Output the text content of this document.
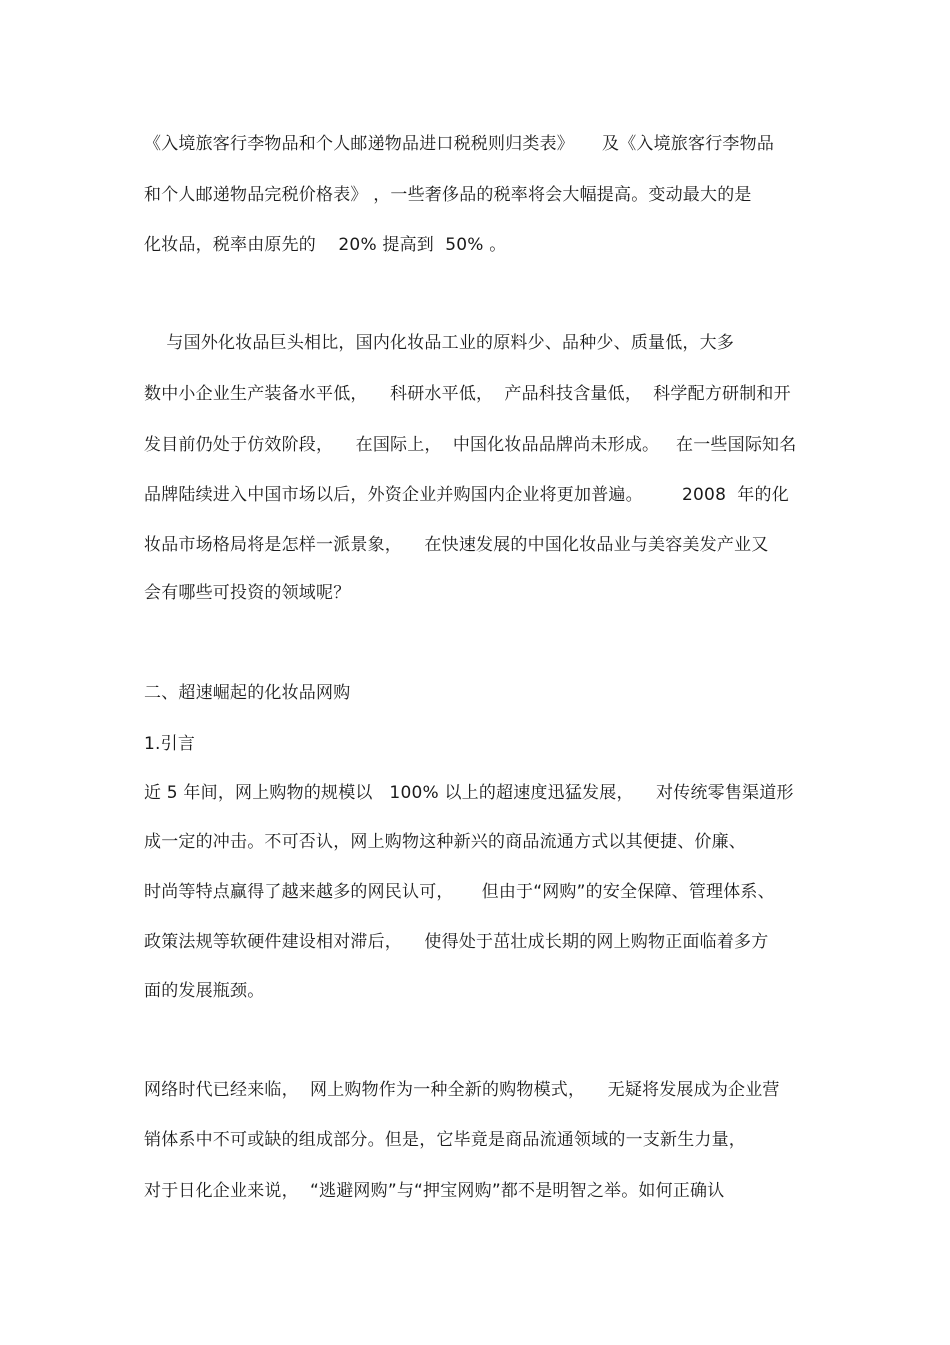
《入境旅客行李物品和个人邮递物品进口税税则归类表》     及《入境旅客行李物品
和个人邮递物品完税价格表》 ，一些奢侈品的税率将会大幅提高。变动最大的是
化妆品，税率由原先的    20% 提高到  50% 。
与国外化妆品巨头相比，国内化妆品工业的原料少、品种少、质量低，大多
数中小企业生产装备水平低，    科研水平低，  产品科技含量低，  科学配方研制和开
发目前仍处于仿效阶段，    在国际上，  中国化妆品品牌尚未形成。   在一些国际知名
品牌陆续进入中国市场以后，外资企业并购国内企业将更加普遍。       2008  年的化
妆品市场格局将是怎样一派景象，    在快速发展的中国化妆品业与美容美发产业又
会有哪些可投资的领域呢？
二、超速崛起的化妆品网购
1.引言
近 5 年间，网上购物的规模以   100% 以上的超速度迅猛发展，    对传统零售渠道形
成一定的冲击。不可否认，网上购物这种新兴的商品流通方式以其便捷、价廉、
时尚等特点赢得了越来越多的网民认可，     但由于“网购”的安全保障、管理体系、
政策法规等软硬件建设相对滞后，    使得处于茁壮成长期的网上购物正面临着多方
面的发展瓶颈。
网络时代已经来临，  网上购物作为一种全新的购物模式，    无疑将发展成为企业营
销体系中不可或缺的组成部分。但是，它毕竟是商品流通领域的一支新生力量，
对于日化企业来说，  “逃避网购”与“押宝网购”都不是明智之举。如何正确认
